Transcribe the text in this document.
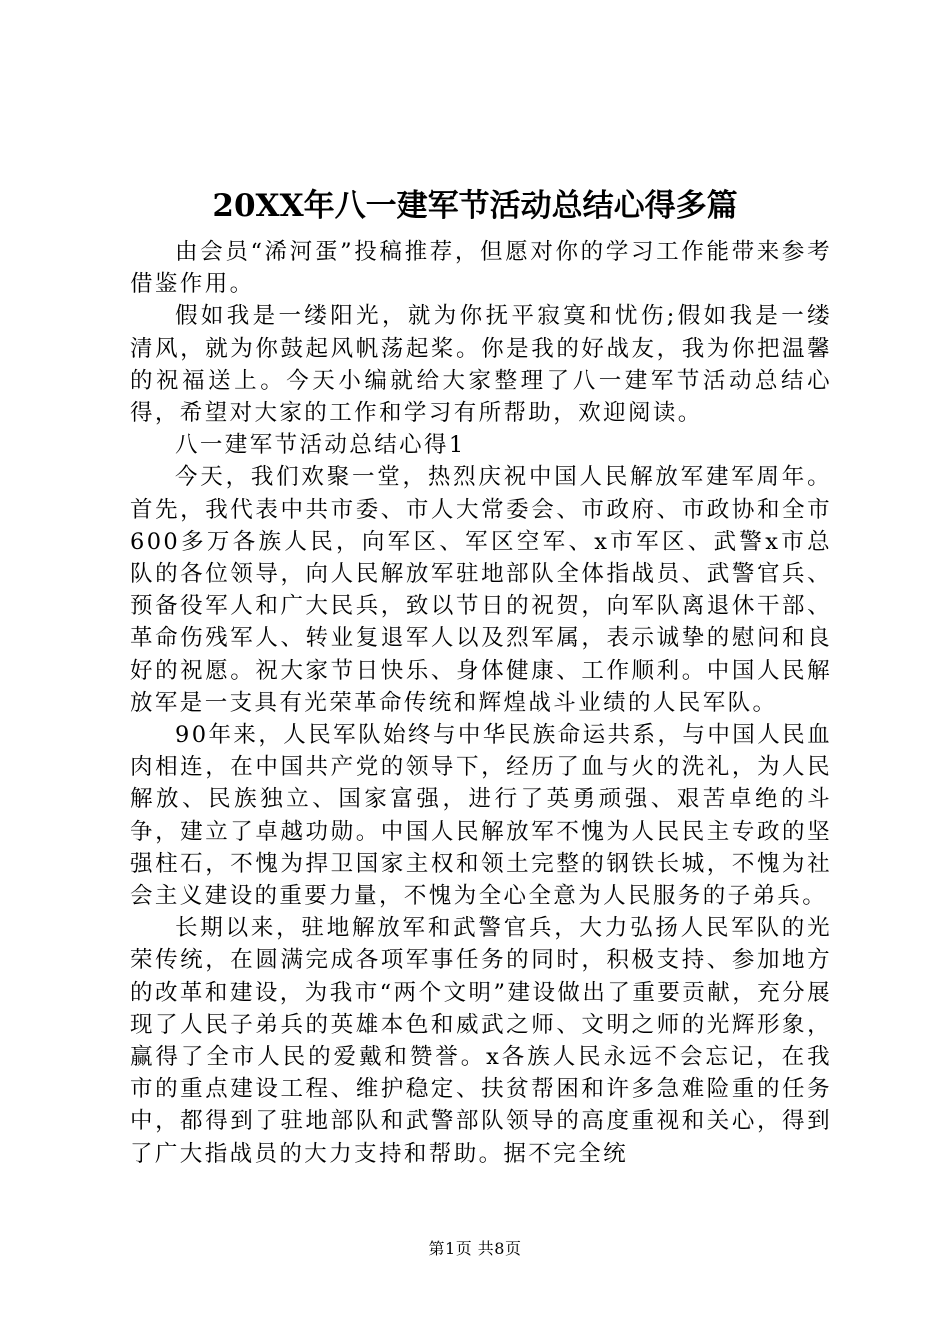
20XX年八一建军节活动总结心得多篇

由会员“浠河蛋”投稿推荐，但愿对你的学习工作能带来参考借鉴作用。

假如我是一缕阳光，就为你抚平寂寞和忧伤;假如我是一缕清风，就为你鼓起风帆荡起桨。你是我的好战友，我为你把温馨的祝福送上。今天小编就给大家整理了八一建军节活动总结心得，希望对大家的工作和学习有所帮助，欢迎阅读。

八一建军节活动总结心得1

今天，我们欢聚一堂，热烈庆祝中国人民解放军建军周年。首先，我代表中共市委、市人大常委会、市政府、市政协和全市600多万各族人民，向军区、军区空军、x市军区、武警x市总队的各位领导，向人民解放军驻地部队全体指战员、武警官兵、预备役军人和广大民兵，致以节日的祝贺，向军队离退休干部、革命伤残军人、转业复退军人以及烈军属，表示诚挚的慰问和良好的祝愿。祝大家节日快乐、身体健康、工作顺利。中国人民解放军是一支具有光荣革命传统和辉煌战斗业绩的人民军队。

90年来，人民军队始终与中华民族命运共系，与中国人民血肉相连，在中国共产党的领导下，经历了血与火的洗礼，为人民解放、民族独立、国家富强，进行了英勇顽强、艰苦卓绝的斗争，建立了卓越功勋。中国人民解放军不愧为人民民主专政的坚强柱石，不愧为捍卫国家主权和领土完整的钢铁长城，不愧为社会主义建设的重要力量，不愧为全心全意为人民服务的子弟兵。

长期以来，驻地解放军和武警官兵，大力弘扬人民军队的光荣传统，在圆满完成各项军事任务的同时，积极支持、参加地方的改革和建设，为我市“两个文明”建设做出了重要贡献，充分展现了人民子弟兵的英雄本色和威武之师、文明之师的光辉形象，赢得了全市人民的爱戴和赞誉。x各族人民永远不会忘记，在我市的重点建设工程、维护稳定、扶贫帮困和许多急难险重的任务中，都得到了驻地部队和武警部队领导的高度重视和关心，得到了广大指战员的大力支持和帮助。据不完全统

第1页 共8页
